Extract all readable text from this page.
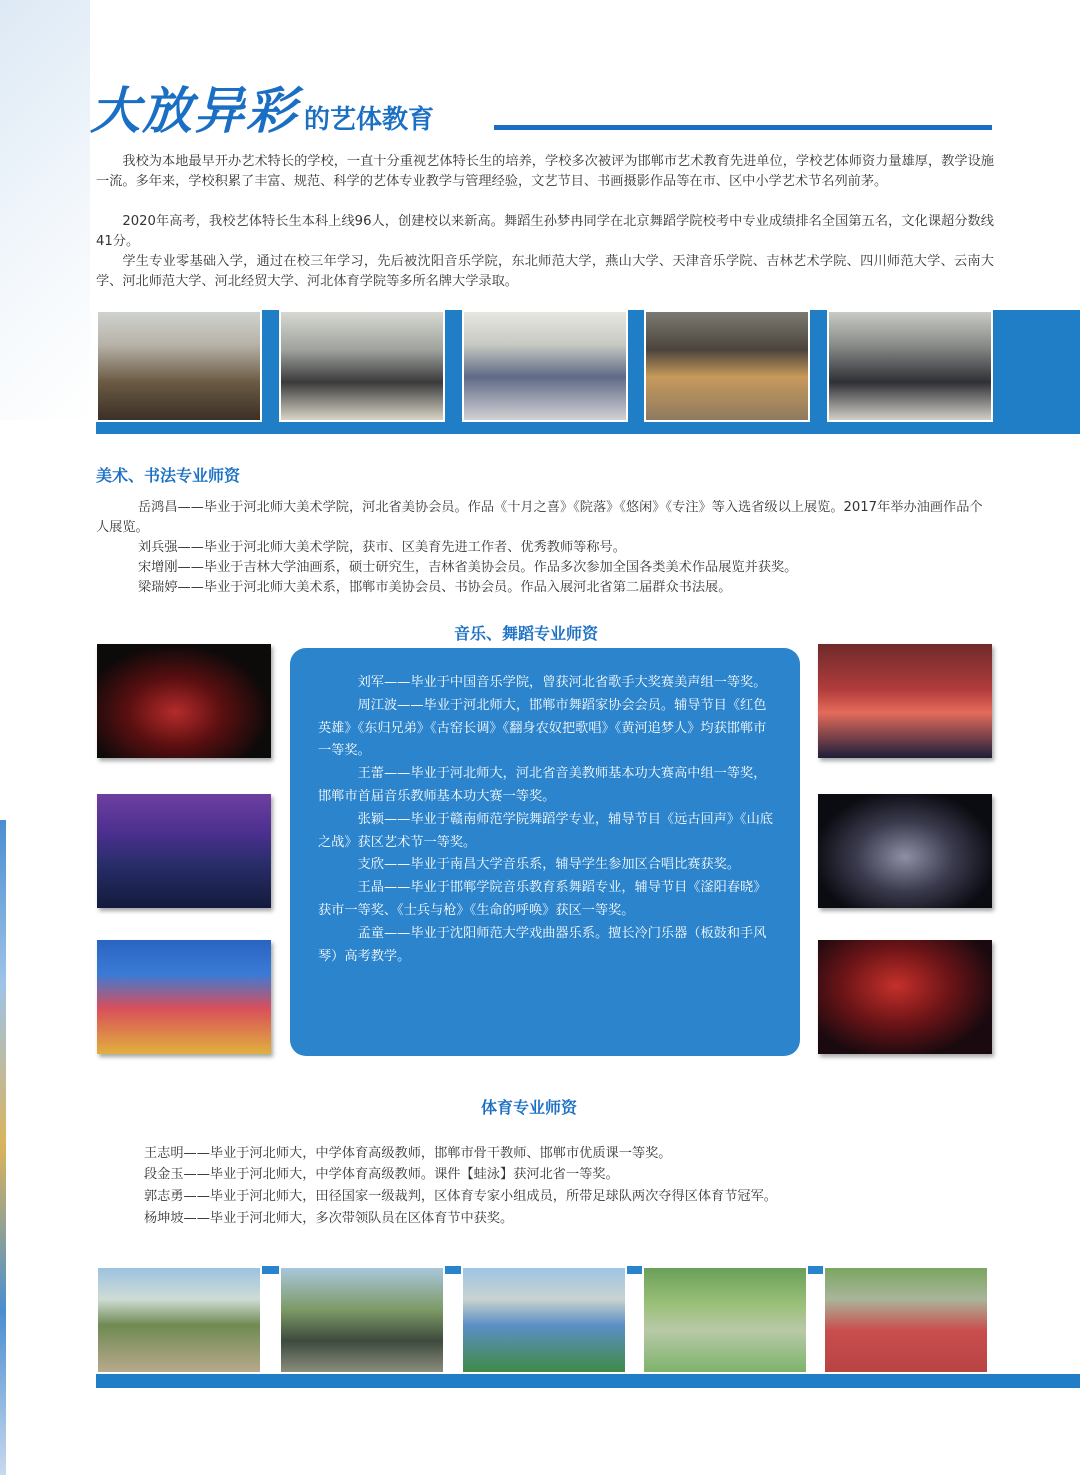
大放异彩 的艺体教育

我校为本地最早开办艺术特长的学校，一直十分重视艺体特长生的培养，学校多次被评为邯郸市艺术教育先进单位，学校艺体师资力量雄厚，教学设施一流。多年来，学校积累了丰富、规范、科学的艺体专业教学与管理经验，文艺节目、书画摄影作品等在市、区中小学艺术节名列前茅。

2020年高考，我校艺体特长生本科上线96人，创建校以来新高。舞蹈生孙梦冉同学在北京舞蹈学院校考中专业成绩排名全国第五名，文化课超分数线41分。

学生专业零基础入学，通过在校三年学习，先后被沈阳音乐学院，东北师范大学，燕山大学、天津音乐学院、吉林艺术学院、四川师范大学、云南大学、河北师范大学、河北经贸大学、河北体育学院等多所名牌大学录取。

美术、书法专业师资

岳鸿昌——毕业于河北师大美术学院，河北省美协会员。作品《十月之喜》《院落》《悠闲》《专注》等入选省级以上展览。2017年举办油画作品个人展览。

刘兵强——毕业于河北师大美术学院，获市、区美育先进工作者、优秀教师等称号。

宋增刚——毕业于吉林大学油画系，硕士研究生，吉林省美协会员。作品多次参加全国各类美术作品展览并获奖。

梁瑞婷——毕业于河北师大美术系，邯郸市美协会员、书协会员。作品入展河北省第二届群众书法展。

音乐、舞蹈专业师资

刘军——毕业于中国音乐学院，曾获河北省歌手大奖赛美声组一等奖。

周江波——毕业于河北师大，邯郸市舞蹈家协会会员。辅导节目《红色英雄》《东归兄弟》《古窑长调》《翻身农奴把歌唱》《黄河追梦人》均获邯郸市一等奖。

王蕾——毕业于河北师大，河北省音美教师基本功大赛高中组一等奖，邯郸市首届音乐教师基本功大赛一等奖。

张颖——毕业于赣南师范学院舞蹈学专业，辅导节目《远古回声》《山底之战》获区艺术节一等奖。

支欣——毕业于南昌大学音乐系，辅导学生参加区合唱比赛获奖。

王晶——毕业于邯郸学院音乐教育系舞蹈专业，辅导节目《滏阳春晓》获市一等奖、《士兵与枪》《生命的呼唤》获区一等奖。

孟童——毕业于沈阳师范大学戏曲器乐系。擅长冷门乐器（板鼓和手风琴）高考教学。

体育专业师资

王志明——毕业于河北师大，中学体育高级教师，邯郸市骨干教师、邯郸市优质课一等奖。

段金玉——毕业于河北师大，中学体育高级教师。课件【蛙泳】获河北省一等奖。

郭志勇——毕业于河北师大，田径国家一级裁判，区体育专家小组成员，所带足球队两次夺得区体育节冠军。

杨坤坡——毕业于河北师大，多次带领队员在区体育节中获奖。
